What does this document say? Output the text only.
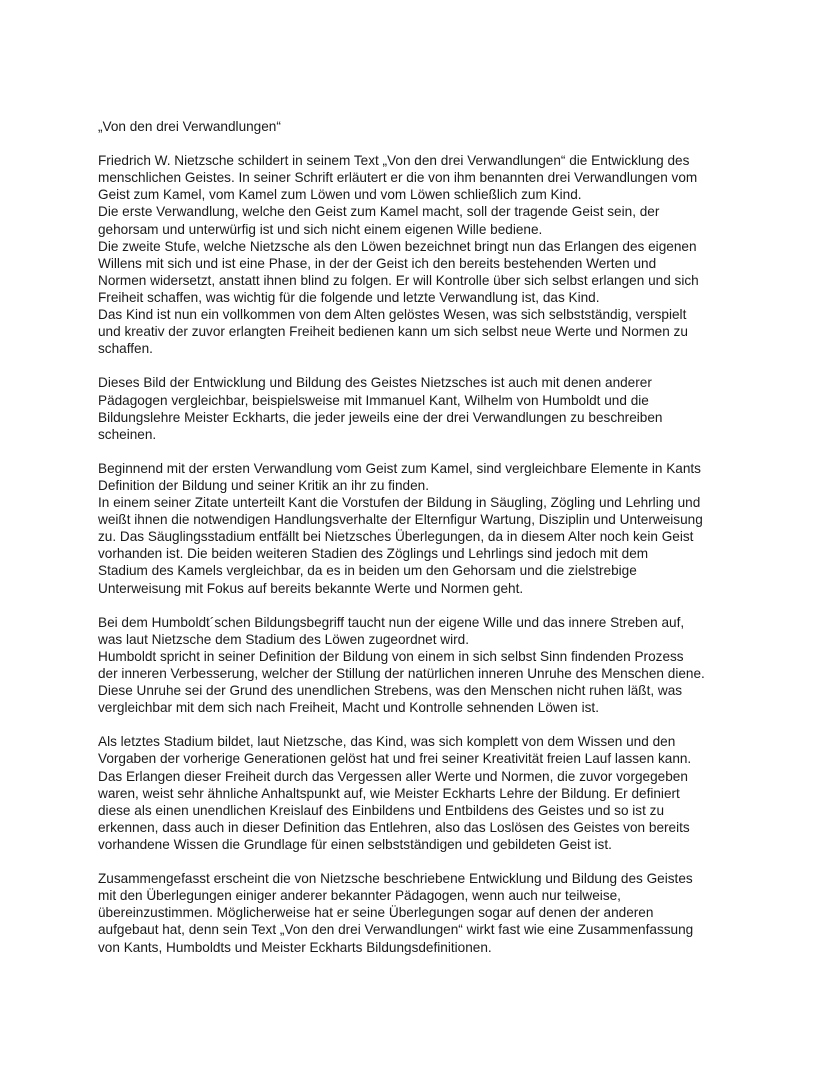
„Von den drei Verwandlungen“
Friedrich W. Nietzsche schildert in seinem Text „Von den drei Verwandlungen“ die Entwicklung des
menschlichen Geistes. In seiner Schrift erläutert er die von ihm benannten drei Verwandlungen vom
Geist zum Kamel, vom Kamel zum Löwen und vom Löwen schließlich zum Kind.
Die erste Verwandlung, welche den Geist zum Kamel macht, soll der tragende Geist sein, der
gehorsam und unterwürfig ist und sich nicht einem eigenen Wille bediene.
Die zweite Stufe, welche Nietzsche als den Löwen bezeichnet bringt nun das Erlangen des eigenen
Willens mit sich und ist eine Phase, in der der Geist ich den bereits bestehenden Werten und
Normen widersetzt, anstatt ihnen blind zu folgen. Er will Kontrolle über sich selbst erlangen und sich
Freiheit schaffen, was wichtig für die folgende und letzte Verwandlung ist, das Kind.
Das Kind ist nun ein vollkommen von dem Alten gelöstes Wesen, was sich selbstständig, verspielt
und kreativ der zuvor erlangten Freiheit bedienen kann um sich selbst neue Werte und Normen zu
schaffen.
Dieses Bild der Entwicklung und Bildung des Geistes Nietzsches ist auch mit denen anderer
Pädagogen vergleichbar, beispielsweise mit Immanuel Kant, Wilhelm von Humboldt und die
Bildungslehre Meister Eckharts, die jeder jeweils eine der drei Verwandlungen zu beschreiben
scheinen.
Beginnend mit der ersten Verwandlung vom Geist zum Kamel, sind vergleichbare Elemente in Kants
Definition der Bildung und seiner Kritik an ihr zu finden.
In einem seiner Zitate unterteilt Kant die Vorstufen der Bildung in Säugling, Zögling und Lehrling und
weißt ihnen die notwendigen Handlungsverhalte der Elternfigur Wartung, Disziplin und Unterweisung
zu. Das Säuglingsstadium entfällt bei Nietzsches Überlegungen, da in diesem Alter noch kein Geist
vorhanden ist. Die beiden weiteren Stadien des Zöglings und Lehrlings sind jedoch mit dem
Stadium des Kamels vergleichbar, da es in beiden um den Gehorsam und die zielstrebige
Unterweisung mit Fokus auf bereits bekannte Werte und Normen geht.
Bei dem Humboldt´schen Bildungsbegriff taucht nun der eigene Wille und das innere Streben auf,
was laut Nietzsche dem Stadium des Löwen zugeordnet wird.
Humboldt spricht in seiner Definition der Bildung von einem in sich selbst Sinn findenden Prozess
der inneren Verbesserung, welcher der Stillung der natürlichen inneren Unruhe des Menschen diene.
Diese Unruhe sei der Grund des unendlichen Strebens, was den Menschen nicht ruhen läßt, was
vergleichbar mit dem sich nach Freiheit, Macht und Kontrolle sehnenden Löwen ist.
Als letztes Stadium bildet, laut Nietzsche, das Kind, was sich komplett von dem Wissen und den
Vorgaben der vorherige Generationen gelöst hat und frei seiner Kreativität freien Lauf lassen kann.
Das Erlangen dieser Freiheit durch das Vergessen aller Werte und Normen, die zuvor vorgegeben
waren, weist sehr ähnliche Anhaltspunkt auf, wie Meister Eckharts Lehre der Bildung. Er definiert
diese als einen unendlichen Kreislauf des Einbildens und Entbildens des Geistes und so ist zu
erkennen, dass auch in dieser Definition das Entlehren, also das Loslösen des Geistes von bereits
vorhandene Wissen die Grundlage für einen selbstständigen und gebildeten Geist ist.
Zusammengefasst erscheint die von Nietzsche beschriebene Entwicklung und Bildung des Geistes
mit den Überlegungen einiger anderer bekannter Pädagogen, wenn auch nur teilweise,
übereinzustimmen. Möglicherweise hat er seine Überlegungen sogar auf denen der anderen
aufgebaut hat, denn sein Text „Von den drei Verwandlungen“ wirkt fast wie eine Zusammenfassung
von Kants, Humboldts und Meister Eckharts Bildungsdefinitionen.
